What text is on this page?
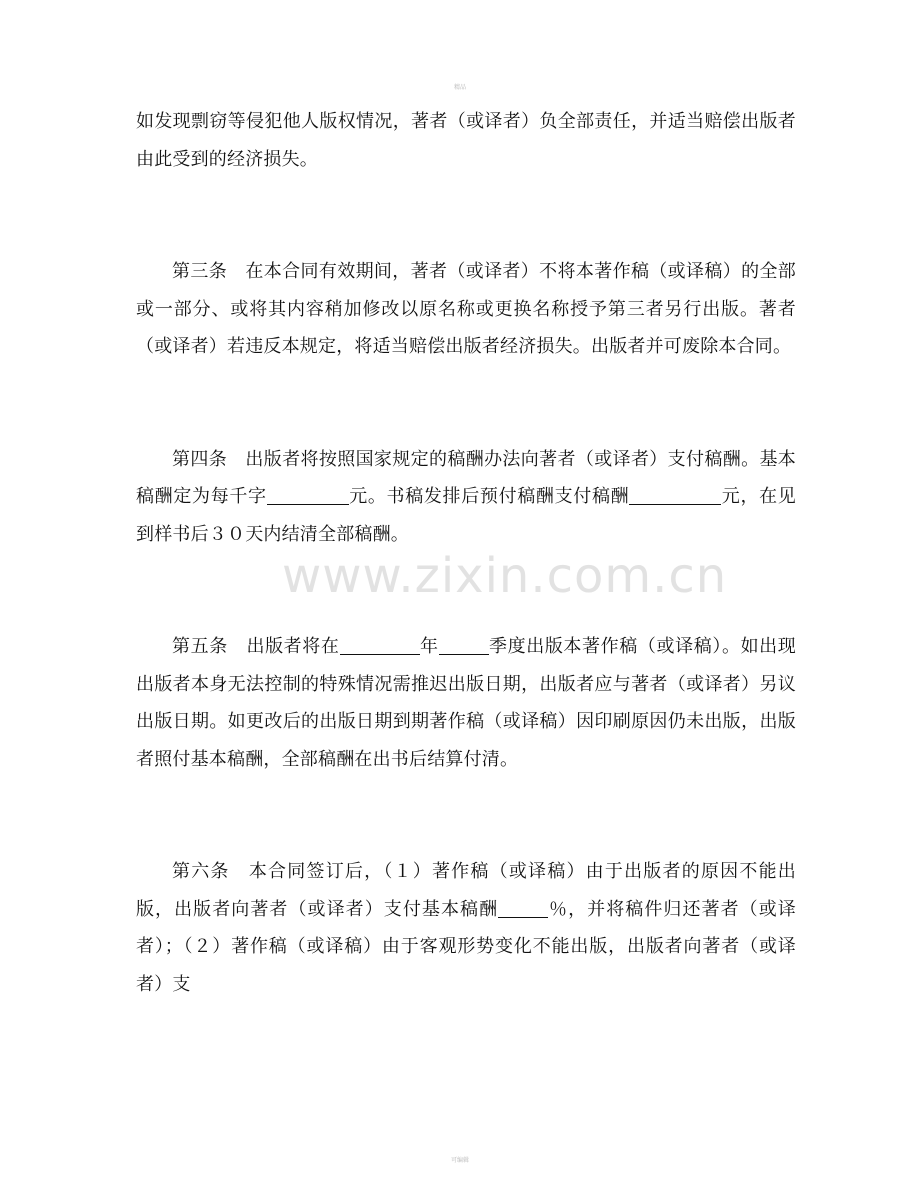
精品

如发现剽窃等侵犯他人版权情况，著者（或译者）负全部责任，并适当赔偿出版者由此受到的经济损失。

第三条　在本合同有效期间，著者（或译者）不将本著作稿（或译稿）的全部或一部分、或将其内容稍加修改以原名称或更换名称授予第三者另行出版。著者（或译者）若违反本规定，将适当赔偿出版者经济损失。出版者并可废除本合同。

第四条　出版者将按照国家规定的稿酬办法向著者（或译者）支付稿酬。基本稿酬定为每千字	元。书稿发排后预付稿酬支付稿酬	元，在见到样书后３０天内结清全部稿酬。

第五条　出版者将在	年	季度出版本著作稿（或译稿）。如出现出版者本身无法控制的特殊情况需推迟出版日期，出版者应与著者（或译者）另议出版日期。如更改后的出版日期到期著作稿（或译稿）因印刷原因仍未出版，出版者照付基本稿酬，全部稿酬在出书后结算付清。

第六条　本合同签订后，（１）著作稿（或译稿）由于出版者的原因不能出版，出版者向著者（或译者）支付基本稿酬	％，并将稿件归还著者（或译者）；（２）著作稿（或译稿）由于客观形势变化不能出版，出版者向著者（或译者）支

www.zixin.com.cn
可编辑
